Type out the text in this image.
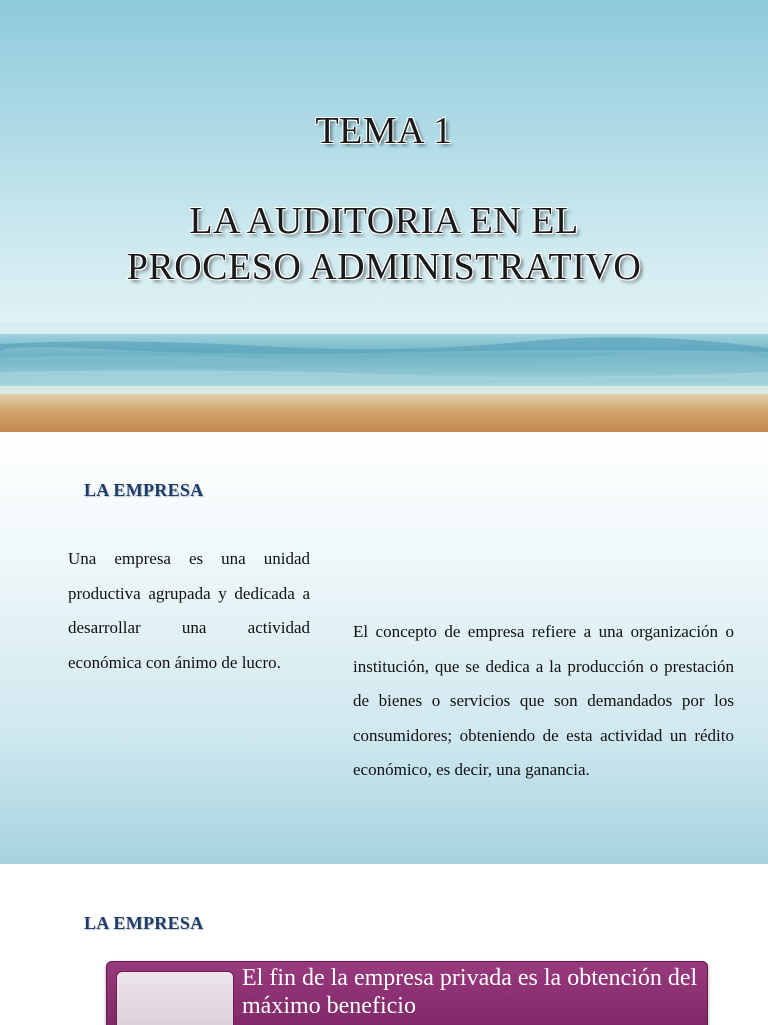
TEMA 1
LA AUDITORIA EN EL
PROCESO ADMINISTRATIVO
LA EMPRESA
Una empresa es una unidad productiva agrupada y dedicada a desarrollar una actividad económica con ánimo de lucro.
El concepto de empresa refiere a una organización o institución, que se dedica a la producción o prestación de bienes o servicios que son demandados por los consumidores; obteniendo de esta actividad un rédito económico, es decir, una ganancia.
LA EMPRESA
El fin de la empresa privada es la obtención del máximo beneficio
